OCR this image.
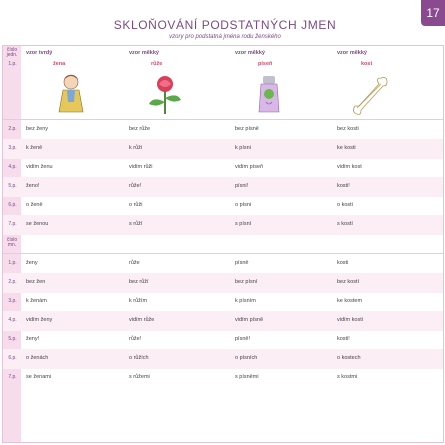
17
SKLOŇOVÁNÍ PODSTATNÝCH JMEN
vzory pro podstatná jména rodu ženského
číslo jedn.	vzor tvrdý	vzor měkký	vzor měkký	vzor měkký
1.p.	žena	růže	píseň	kost
2.p.	bez ženy	bez růže	bez písně	bez kosti
3.p.	k ženě	k růži	k písni	ke kosti
4.p.	vidím ženu	vidím růži	vidím píseň	vidím kost
5.p.	ženo!	růže!	písni!	kosti!
6.p.	o ženě	o růži	o písni	o kosti
7.p.	se ženou	s růží	s písní	s kostí
číslo mn.
1.p.	ženy	růže	písně	kosti
2.p.	bez žen	bez růží	bez písní	bez kostí
3.p.	k ženám	k růžím	k písním	ke kostem
4.p.	vidím ženy	vidím růže	vidím písně	vidím kosti
5.p.	ženy!	růže!	písně!	kosti!
6.p.	o ženách	o růžích	o písních	o kostech
7.p.	se ženami	s růžemi	s písněmi	s kostmi
